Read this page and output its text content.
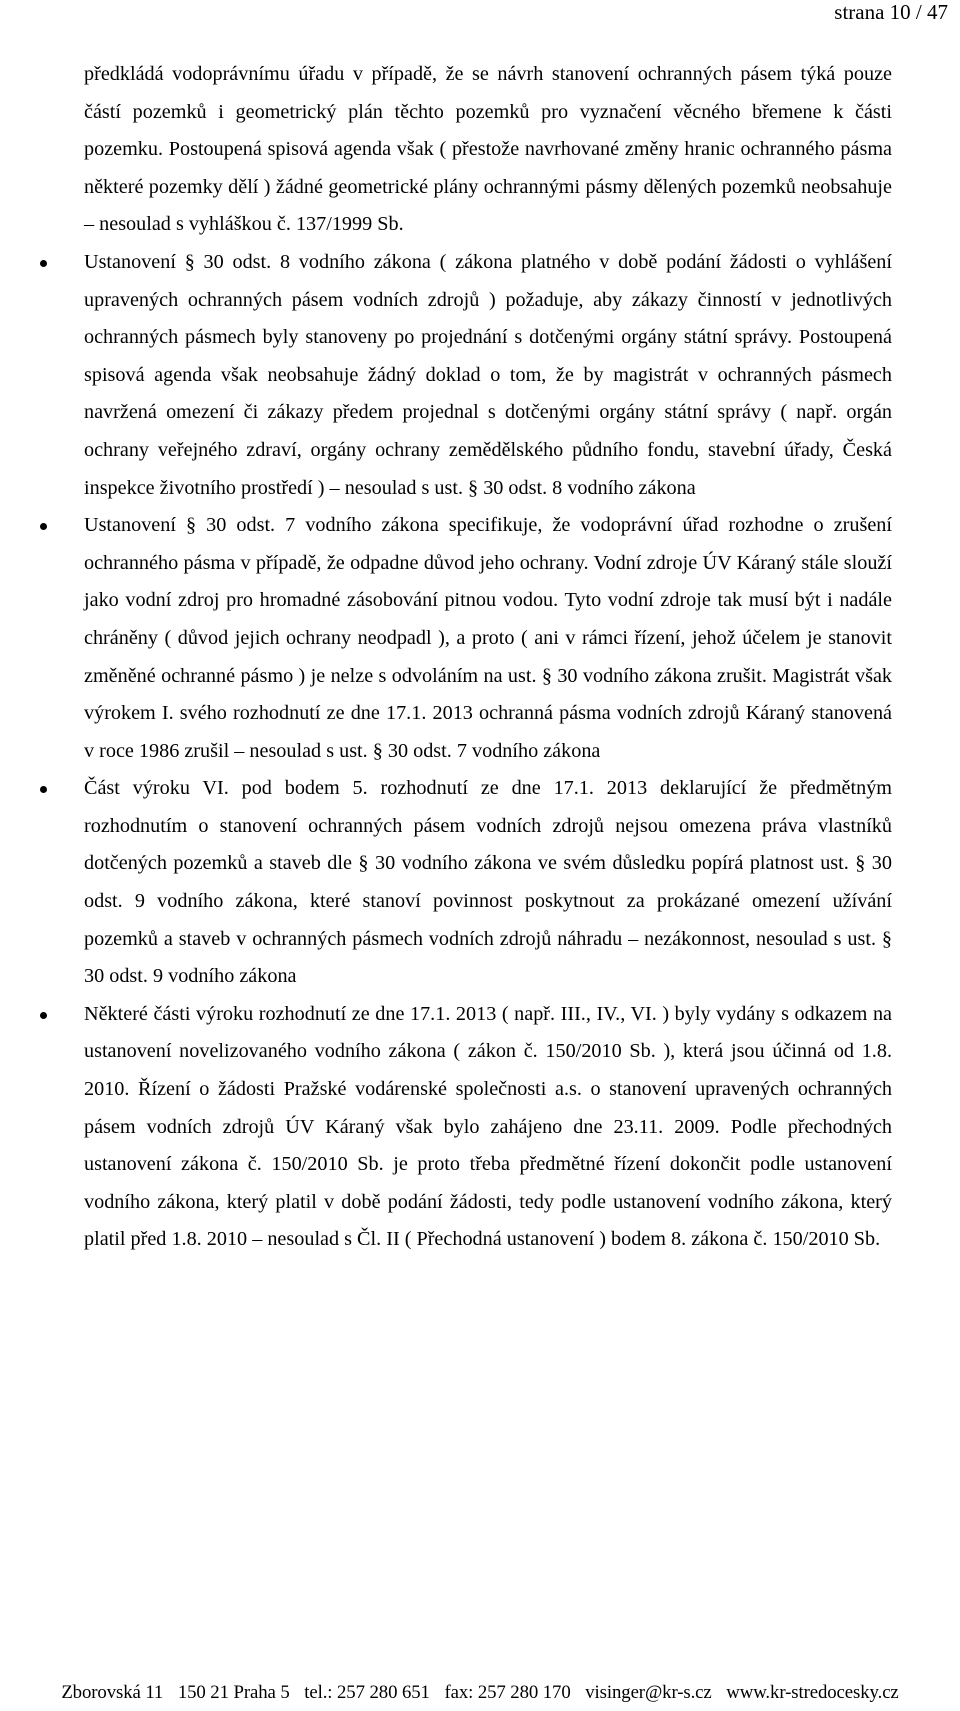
strana 10 / 47

předkládá vodoprávnímu úřadu v případě, že se návrh stanovení ochranných pásem týká pouze částí pozemků i geometrický plán těchto pozemků pro vyznačení věcného břemene k části pozemku. Postoupená spisová agenda však ( přestože navrhované změny hranic ochranného pásma některé pozemky dělí ) žádné geometrické plány ochrannými pásmy dělených pozemků neobsahuje – nesoulad s vyhláškou č. 137/1999 Sb.

Ustanovení § 30 odst. 8 vodního zákona ( zákona platného v době podání žádosti o vyhlášení upravených ochranných pásem vodních zdrojů ) požaduje, aby zákazy činností v jednotlivých ochranných pásmech byly stanoveny po projednání s dotčenými orgány státní správy. Postoupená spisová agenda však neobsahuje žádný doklad o tom, že by magistrát v ochranných pásmech navržená omezení či zákazy předem projednal s dotčenými orgány státní správy ( např. orgán ochrany veřejného zdraví, orgány ochrany zemědělského půdního fondu, stavební úřady, Česká inspekce životního prostředí ) – nesoulad s ust. § 30 odst. 8 vodního zákona

Ustanovení § 30 odst. 7 vodního zákona specifikuje, že vodoprávní úřad rozhodne o zrušení ochranného pásma v případě, že odpadne důvod jeho ochrany. Vodní zdroje ÚV Káraný stále slouží jako vodní zdroj pro hromadné zásobování pitnou vodou. Tyto vodní zdroje tak musí být i nadále chráněny ( důvod jejich ochrany neodpadl ), a proto ( ani v rámci řízení, jehož účelem je stanovit změněné ochranné pásmo ) je nelze s odvoláním na ust. § 30 vodního zákona zrušit. Magistrát však výrokem I. svého rozhodnutí ze dne 17.1. 2013 ochranná pásma vodních zdrojů Káraný stanovená v roce 1986 zrušil – nesoulad s ust. § 30 odst. 7 vodního zákona

Část výroku VI. pod bodem 5. rozhodnutí ze dne 17.1. 2013 deklarující že předmětným rozhodnutím o stanovení ochranných pásem vodních zdrojů nejsou omezena práva vlastníků dotčených pozemků a staveb dle § 30 vodního zákona ve svém důsledku popírá platnost ust. § 30 odst. 9 vodního zákona, které stanoví povinnost poskytnout za prokázané omezení užívání pozemků a staveb v ochranných pásmech vodních zdrojů náhradu – nezákonnost, nesoulad s ust. § 30 odst. 9 vodního zákona

Některé části výroku rozhodnutí ze dne 17.1. 2013 ( např. III., IV., VI. ) byly vydány s odkazem na ustanovení novelizovaného vodního zákona ( zákon č. 150/2010 Sb. ), která jsou účinná od 1.8. 2010. Řízení o žádosti Pražské vodárenské společnosti a.s. o stanovení upravených ochranných pásem vodních zdrojů ÚV Káraný však bylo zahájeno dne 23.11. 2009. Podle přechodných ustanovení zákona č. 150/2010 Sb. je proto třeba předmětné řízení dokončit podle ustanovení vodního zákona, který platil v době podání žádosti, tedy podle ustanovení vodního zákona, který platil před 1.8. 2010 – nesoulad s Čl. II ( Přechodná ustanovení ) bodem 8. zákona č. 150/2010 Sb.

Zborovská 11 150 21 Praha 5 tel.: 257 280 651 fax: 257 280 170 visinger@kr-s.cz www.kr-stredocesky.cz
